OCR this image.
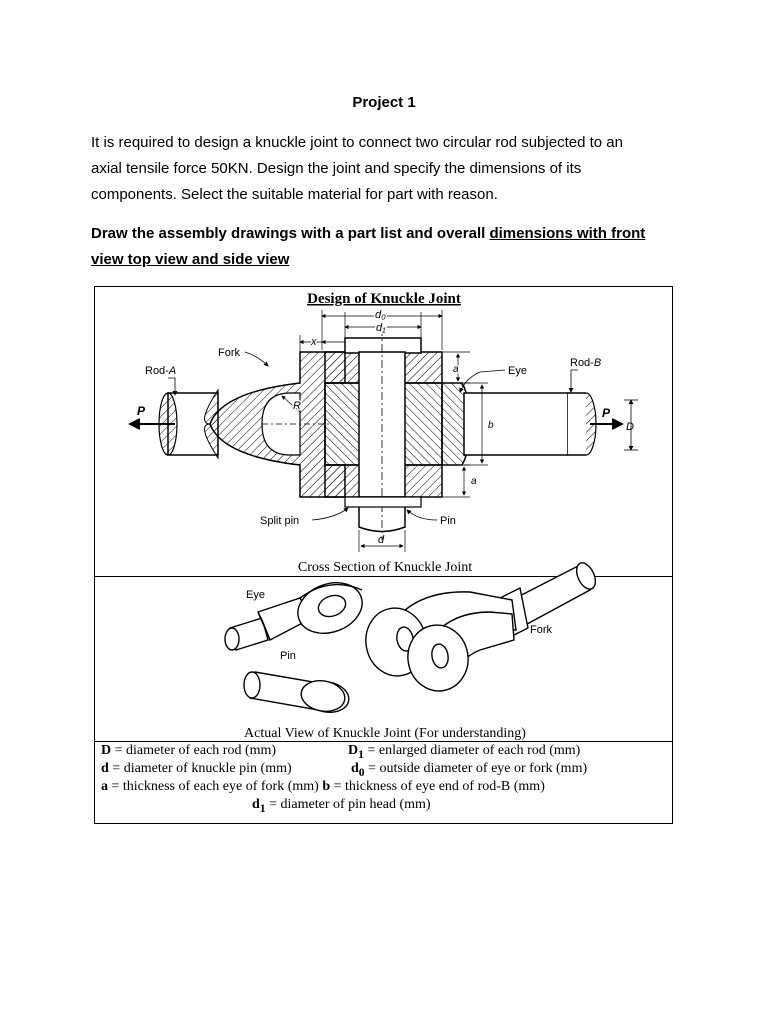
Project 1

It is required to design a knuckle joint to connect two circular rod subjected to an

axial tensile force 50KN. Design the joint and specify the dimensions of its

components. Select the suitable material for part with reason.

Draw the assembly drawings with a part list and overall dimensions with front
view top view and side view
Design of Knuckle Joint
P	P
D
d₀
d₁
x
a
b
a
R
Fork
Rod-A
Rod-B
Eye
Split pin	Pin
d
Cross Section of Knuckle Joint
Eye
Pin
Fork
Actual View of Knuckle Joint (For understanding)
D = diameter of each rod (mm)	$D_1$ = enlarged diameter of each rod (mm)
d = diameter of knuckle pin (mm)	$d_0$ = outside diameter of eye or fork (mm)
a = thickness of each eye of fork (mm) b = thickness of eye end of rod-B (mm)
$d_1$ = diameter of pin head (mm)
